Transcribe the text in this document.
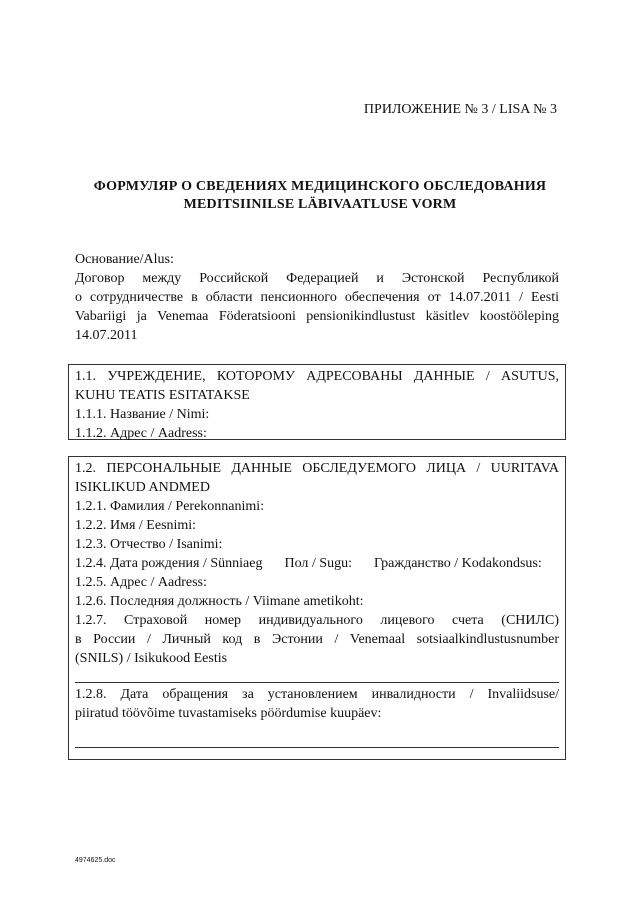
ПРИЛОЖЕНИЕ № 3 / LISA № 3
ФОРМУЛЯР О СВЕДЕНИЯХ МЕДИЦИНСКОГО ОБСЛЕДОВАНИЯ
MEDITSIINILSE LÄBIVAATLUSE VORM
Основание/Alus:
Договор между Российской Федерацией и Эстонской Республикой
о сотрудничестве в области пенсионного обеспечения от 14.07.2011 / Eesti
Vabariigi ja Venemaa Föderatsiooni pensionikindlustust käsitlev koostööleping
14.07.2011
1.1. УЧРЕЖДЕНИЕ, КОТОРОМУ АДРЕСОВАНЫ ДАННЫЕ / ASUTUS,
KUHU TEATIS ESITATAKSE
1.1.1. Название / Nimi:
1.1.2. Адрес / Aadress:
1.2. ПЕРСОНАЛЬНЫЕ ДАННЫЕ ОБСЛЕДУЕМОГО ЛИЦА / UURITAVA
ISIKLIKUD ANDMED
1.2.1. Фамилия / Perekonnanimi:
1.2.2. Имя / Eesnimi:
1.2.3. Отчество / Isanimi:
1.2.4. Дата рождения / Sünniaeg Пол / Sugu: Гражданство / Kodakondsus:
1.2.5. Адрес / Aadress:
1.2.6. Последняя должность / Viimane ametikoht:
1.2.7. Страховой номер индивидуального лицевого счета (СНИЛС)
в России / Личный код в Эстонии / Venemaal sotsiaalkindlustusnumber
(SNILS) / Isikukood Eestis
1.2.8. Дата обращения за установлением инвалидности / Invaliidsuse/
piiratud töövõime tuvastamiseks pöördumise kuupäev:
4974625.doc
